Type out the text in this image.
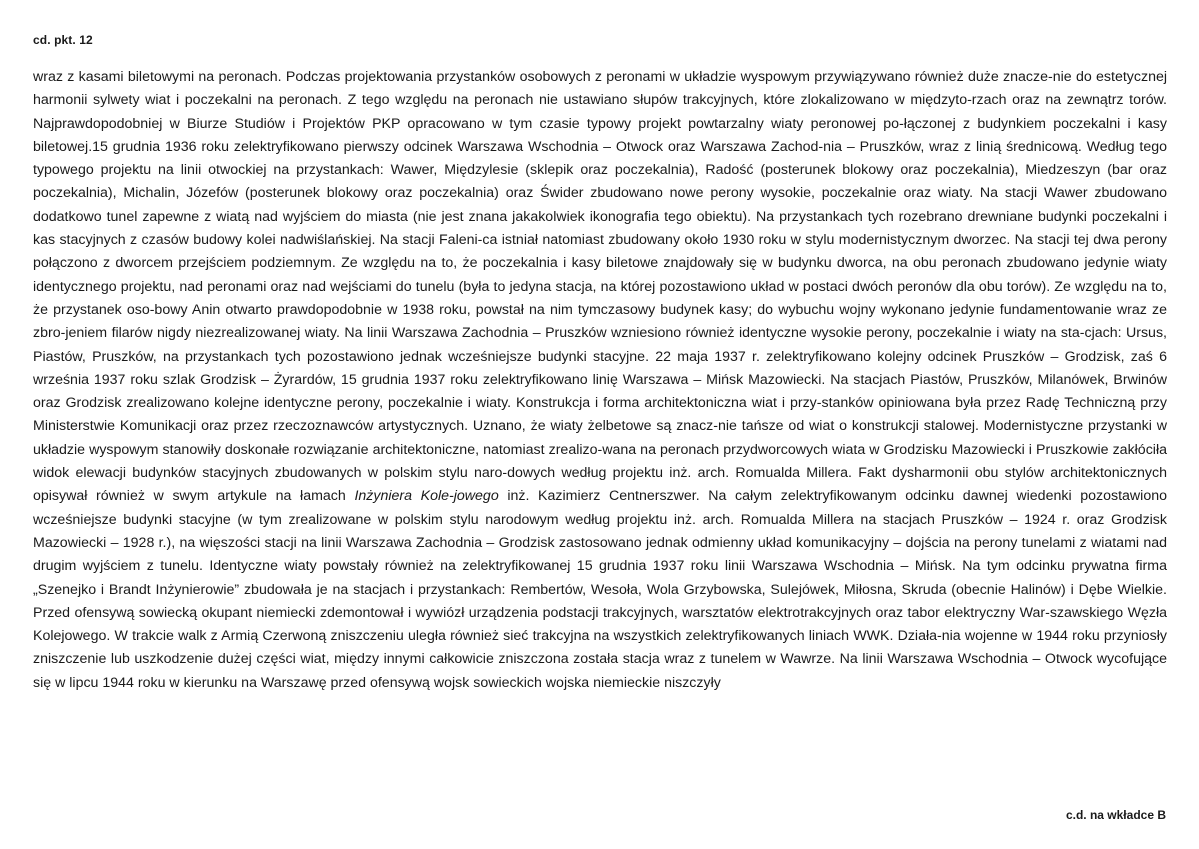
cd. pkt. 12
wraz z kasami biletowymi na peronach. Podczas projektowania przystanków osobowych z peronami w układzie wyspowym przywiązywano również duże znacze-nie do estetycznej harmonii sylwety wiat i poczekalni na peronach. Z tego względu na peronach nie ustawiano słupów trakcyjnych, które zlokalizowano w międzyto-rzach oraz na zewnątrz torów. Najprawdopodobniej w Biurze Studiów i Projektów PKP opracowano w tym czasie typowy projekt powtarzalny wiaty peronowej po-łączonej z budynkiem poczekalni i kasy biletowej.15 grudnia 1936 roku zelektryfikowano pierwszy odcinek Warszawa Wschodnia – Otwock oraz Warszawa Zachod-nia – Pruszków, wraz z linią średnicową. Według tego typowego projektu na linii otwockiej na przystankach: Wawer, Międzylesie (sklepik oraz poczekalnia), Radość (posterunek blokowy oraz poczekalnia), Miedzeszyn (bar oraz poczekalnia), Michalin, Józefów (posterunek blokowy oraz poczekalnia) oraz Świder zbudowano nowe perony wysokie, poczekalnie oraz wiaty. Na stacji Wawer zbudowano dodatkowo tunel zapewne z wiatą nad wyjściem do miasta (nie jest znana jakakolwiek ikonografia tego obiektu). Na przystankach tych rozebrano drewniane budynki poczekalni i kas stacyjnych z czasów budowy kolei nadwiślańskiej. Na stacji Faleni-ca istniał natomiast zbudowany około 1930 roku w stylu modernistycznym dworzec. Na stacji tej dwa perony połączono z dworcem przejściem podziemnym. Ze względu na to, że poczekalnia i kasy biletowe znajdowały się w budynku dworca, na obu peronach zbudowano jedynie wiaty identycznego projektu, nad peronami oraz nad wejściami do tunelu (była to jedyna stacja, na której pozostawiono układ w postaci dwóch peronów dla obu torów). Ze względu na to, że przystanek oso-bowy Anin otwarto prawdopodobnie w 1938 roku, powstał na nim tymczasowy budynek kasy; do wybuchu wojny wykonano jedynie fundamentowanie wraz ze zbro-jeniem filarów nigdy niezrealizowanej wiaty. Na linii Warszawa Zachodnia – Pruszków wzniesiono również identyczne wysokie perony, poczekalnie i wiaty na sta-cjach: Ursus, Piastów, Pruszków, na przystankach tych pozostawiono jednak wcześniejsze budynki stacyjne. 22 maja 1937 r. zelektryfikowano kolejny odcinek Pruszków – Grodzisk, zaś 6 września 1937 roku szlak Grodzisk – Żyrardów, 15 grudnia 1937 roku zelektryfikowano linię Warszawa – Mińsk Mazowiecki. Na stacjach Piastów, Pruszków, Milanówek, Brwinów oraz Grodzisk zrealizowano kolejne identyczne perony, poczekalnie i wiaty. Konstrukcja i forma architektoniczna wiat i przy-stanków opiniowana była przez Radę Techniczną przy Ministerstwie Komunikacji oraz przez rzeczoznawców artystycznych. Uznano, że wiaty żelbetowe są znacz-nie tańsze od wiat o konstrukcji stalowej. Modernistyczne przystanki w układzie wyspowym stanowiły doskonałe rozwiązanie architektoniczne, natomiast zrealizo-wana na peronach przydworcowych wiata w Grodzisku Mazowiecki i Pruszkowie zakłóciła widok elewacji budynków stacyjnych zbudowanych w polskim stylu naro-dowych według projektu inż. arch. Romualda Millera. Fakt dysharmonii obu stylów architektonicznych opisywał również w swym artykule na łamach Inżyniera Kole-jowego inż. Kazimierz Centnerszwer. Na całym zelektryfikowanym odcinku dawnej wiedenki pozostawiono wcześniejsze budynki stacyjne (w tym zrealizowane w polskim stylu narodowym według projektu inż. arch. Romualda Millera na stacjach Pruszków – 1924 r. oraz Grodzisk Mazowiecki – 1928 r.), na więszości stacji na linii Warszawa Zachodnia – Grodzisk zastosowano jednak odmienny układ komunikacyjny – dojścia na perony tunelami z wiatami nad drugim wyjściem z tunelu. Identyczne wiaty powstały również na zelektryfikowanej 15 grudnia 1937 roku linii Warszawa Wschodnia – Mińsk. Na tym odcinku prywatna firma „Szenejko i Brandt Inżynierowie” zbudowała je na stacjach i przystankach: Rembertów, Wesoła, Wola Grzybowska, Sulejówek, Miłosna, Skruda (obecnie Halinów) i Dębe Wielkie. Przed ofensywą sowiecką okupant niemiecki zdemontował i wywiózł urządzenia podstacji trakcyjnych, warsztatów elektrotrakcyjnych oraz tabor elektryczny War-szawskiego Węzła Kolejowego. W trakcie walk z Armią Czerwoną zniszczeniu uległa również sieć trakcyjna na wszystkich zelektryfikowanych liniach WWK. Działa-nia wojenne w 1944 roku przyniosły zniszczenie lub uszkodzenie dużej części wiat, między innymi całkowicie zniszczona została stacja wraz z tunelem w Wawrze. Na linii Warszawa Wschodnia – Otwock wycofujące się w lipcu 1944 roku w kierunku na Warszawę przed ofensywą wojsk sowieckich wojska niemieckie niszczyły
c.d. na wkładce B
